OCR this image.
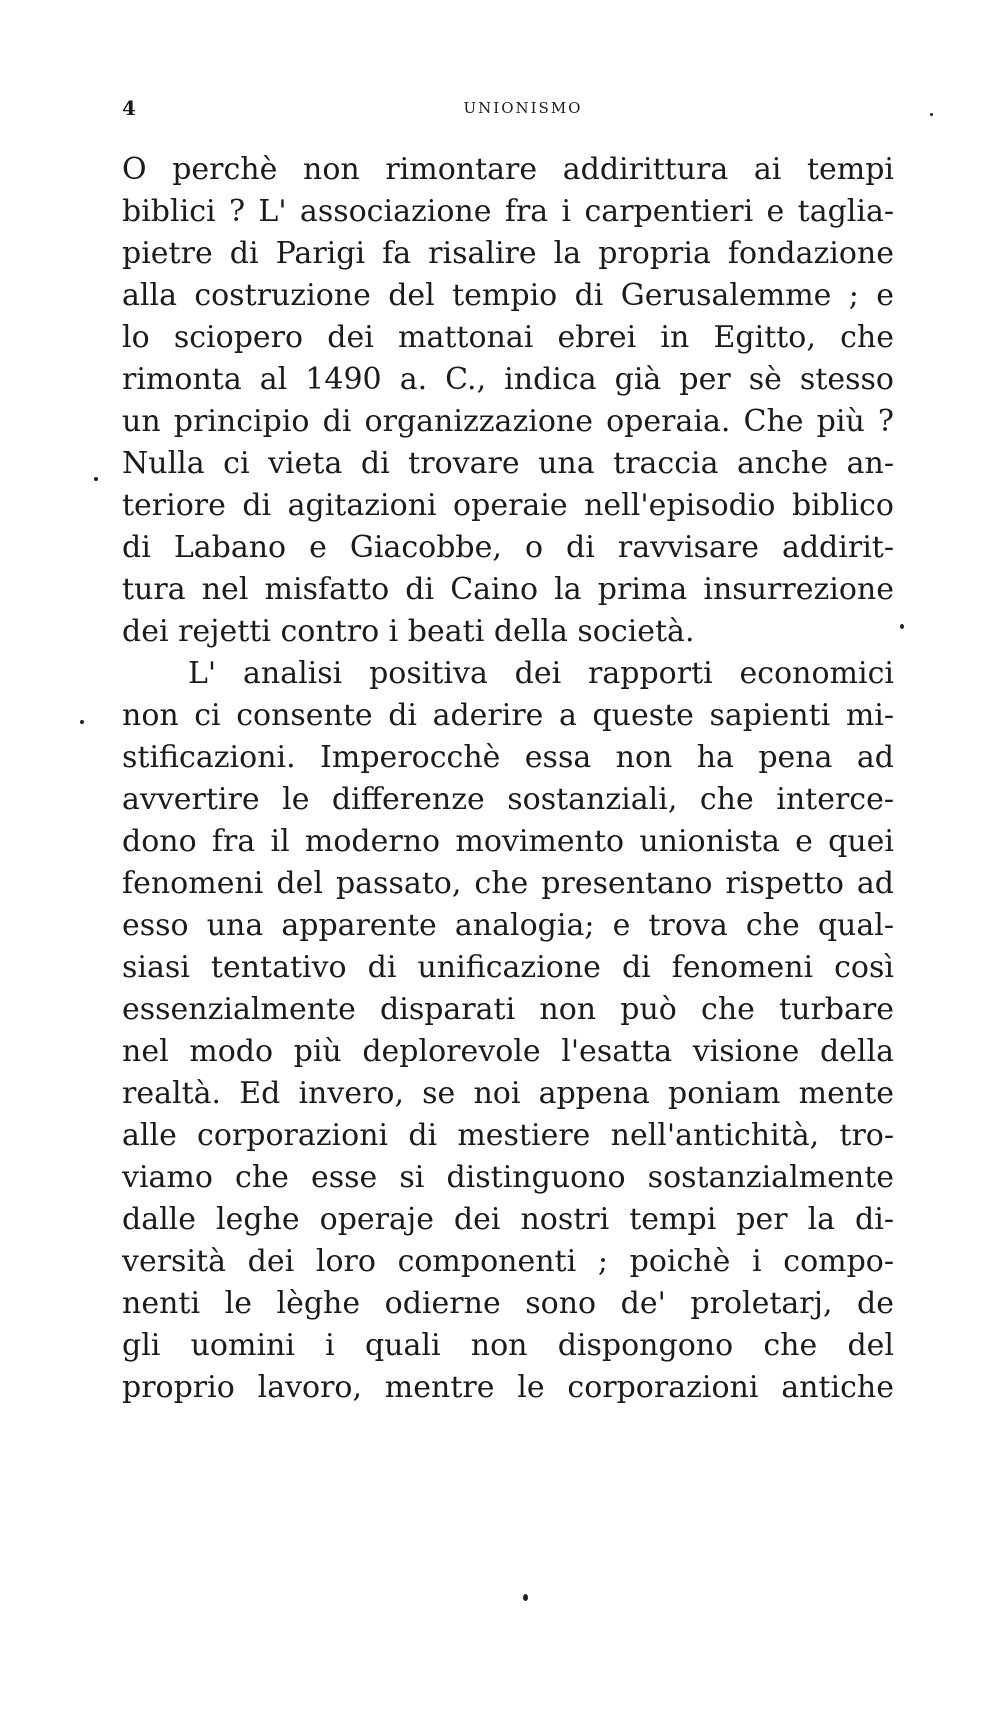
4	UNIONISMO
O perchè non rimontare addirittura ai tempi
biblici ? L' associazione fra i carpentieri e taglia-
pietre di Parigi fa risalire la propria fondazione
alla costruzione del tempio di Gerusalemme ; e
lo sciopero dei mattonai ebrei in Egitto, che
rimonta al 1490 a. C., indica già per sè stesso
un principio di organizzazione operaia. Che più ?
Nulla ci vieta di trovare una traccia anche an-
teriore di agitazioni operaie nell'episodio biblico
di Labano e Giacobbe, o di ravvisare addirit-
tura nel misfatto di Caino la prima insurrezione
dei rejetti contro i beati della società.
L' analisi positiva dei rapporti economici
non ci consente di aderire a queste sapienti mi-
stificazioni. Imperocchè essa non ha pena ad
avvertire le differenze sostanziali, che interce-
dono fra il moderno movimento unionista e quei
fenomeni del passato, che presentano rispetto ad
esso una apparente analogia; e trova che qual-
siasi tentativo di unificazione di fenomeni così
essenzialmente disparati non può che turbare
nel modo più deplorevole l'esatta visione della
realtà. Ed invero, se noi appena poniam mente
alle corporazioni di mestiere nell'antichità, tro-
viamo che esse si distinguono sostanzialmente
dalle leghe operaje dei nostri tempi per la di-
versità dei loro componenti ; poichè i compo-
nenti le lèghe odierne sono de' proletarj, de
gli uomini i quali non dispongono che del
proprio lavoro, mentre le corporazioni antiche
